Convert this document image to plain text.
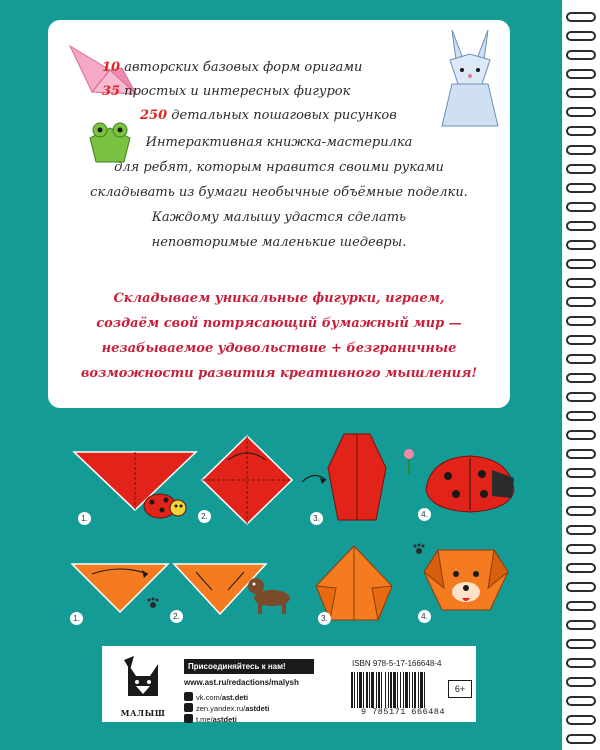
10 авторских базовых форм оригами
35 простых и интересных фигурок
250 детальных пошаговых рисунков
Интерактивная книжка-мастерилка
для ребят, которым нравится своими руками
складывать из бумаги необычные объёмные поделки.
Каждому малышу удастся сделать
неповторимые маленькие шедевры.
Складываем уникальные фигурки, играем,
создаём свой потрясающий бумажный мир —
незабываемое удовольствие + безграничные
возможности развития креативного мышления!
1.	2.	3.	4.
1.	2.	3.	4.
МАЛЫШ
Присоединяйтесь к нам!
www.ast.ru/redactions/malysh
vk.com/ast.deti
zen.yandex.ru/astdeti
t.me/astdeti
ISBN 978-5-17-166648-4
9 785171 666484
6+
